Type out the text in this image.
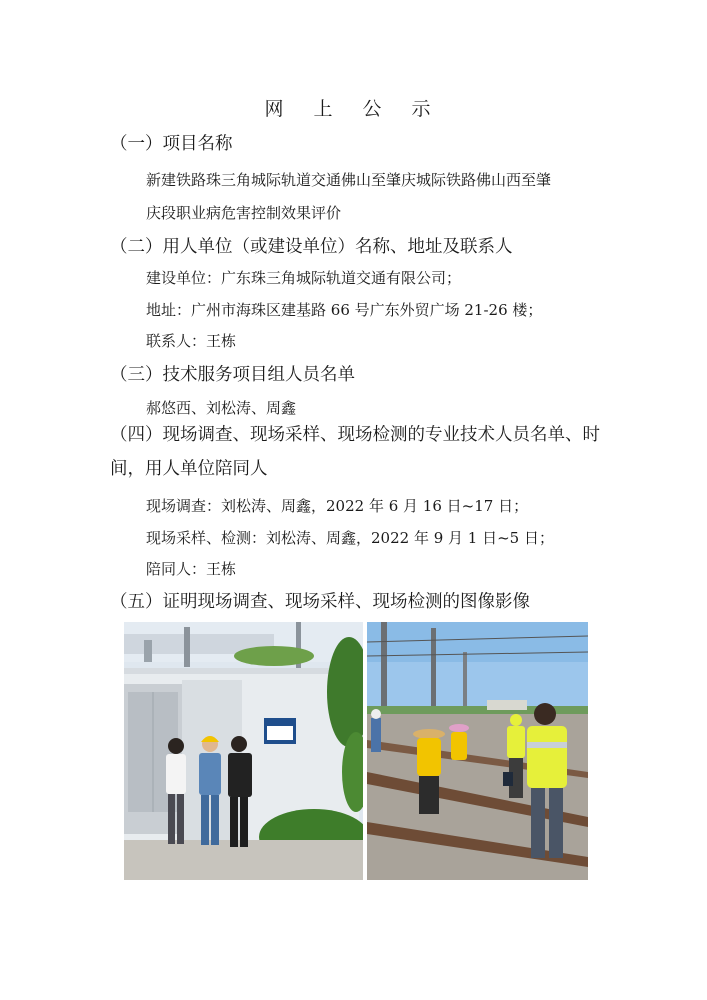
网 上 公 示
（一）项目名称
新建铁路珠三角城际轨道交通佛山至肇庆城际铁路佛山西至肇
庆段职业病危害控制效果评价
（二）用人单位（或建设单位）名称、地址及联系人
建设单位：广东珠三角城际轨道交通有限公司；
地址：广州市海珠区建基路 66 号广东外贸广场 21-26 楼；
联系人：王栋
（三）技术服务项目组人员名单
郝悠西、刘松涛、周鑫
（四）现场调查、现场采样、现场检测的专业技术人员名单、时间，用人单位陪同人
现场调查：刘松涛、周鑫，2022 年 6 月 16 日~17 日；
现场采样、检测：刘松涛、周鑫，2022 年 9 月 1 日~5 日；
陪同人：王栋
（五）证明现场调查、现场采样、现场检测的图像影像
